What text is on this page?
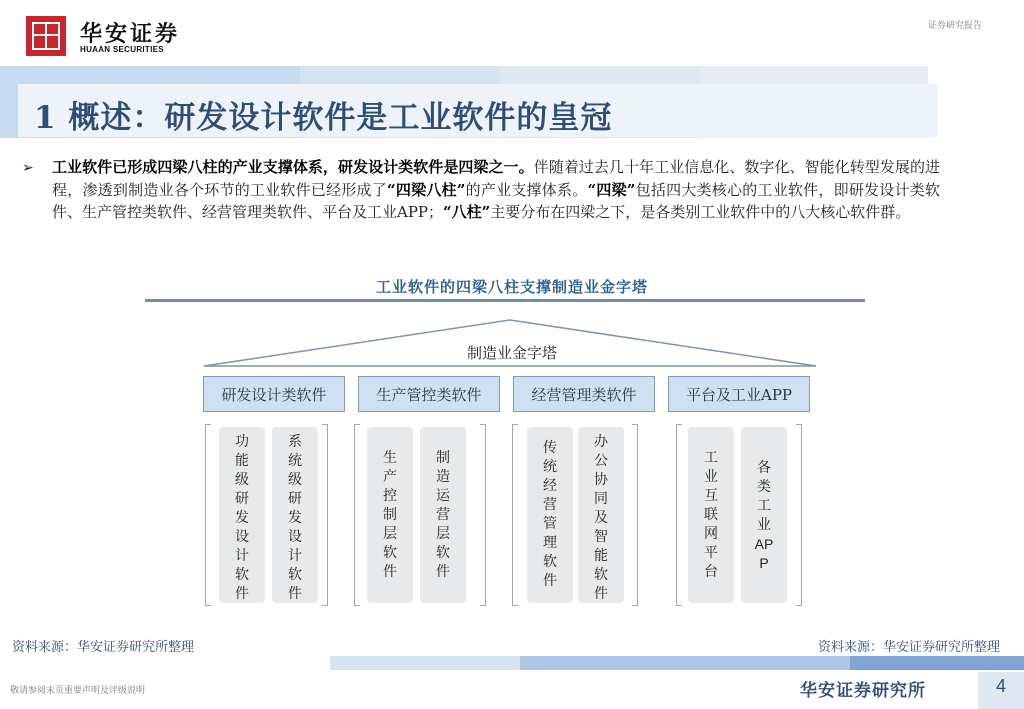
华安证券
HUAAN SECURITIES
证券研究报告
1 概述：研发设计软件是工业软件的皇冠
➢ 工业软件已形成四梁八柱的产业支撑体系，研发设计类软件是四梁之一。伴随着过去几十年工业信息化、数字化、智能化转型发展的进程，渗透到制造业各个环节的工业软件已经形成了“四梁八柱”的产业支撑体系。“四梁”包括四大类核心的工业软件，即研发设计类软件、生产管控类软件、经营管理类软件、平台及工业APP；“八柱”主要分布在四梁之下，是各类别工业软件中的八大核心软件群。
工业软件的四梁八柱支撑制造业金字塔
制造业金字塔
研发设计类软件	生产管控类软件	经营管理类软件	平台及工业APP
功
能
级
研
发
设
计
软
件
系
统
级
研
发
设
计
软
件
生
产
控
制
层
软
件
制
造
运
营
层
软
件
传
统
经
营
管
理
软
件
办
公
协
同
及
智
能
软
件
工
业
互
联
网
平
台
各
类
工
业
AP
P
资料来源：华安证券研究所整理	资料来源：华安证券研究所整理
敬请参阅末页重要声明及评级说明	华安证券研究所	4
